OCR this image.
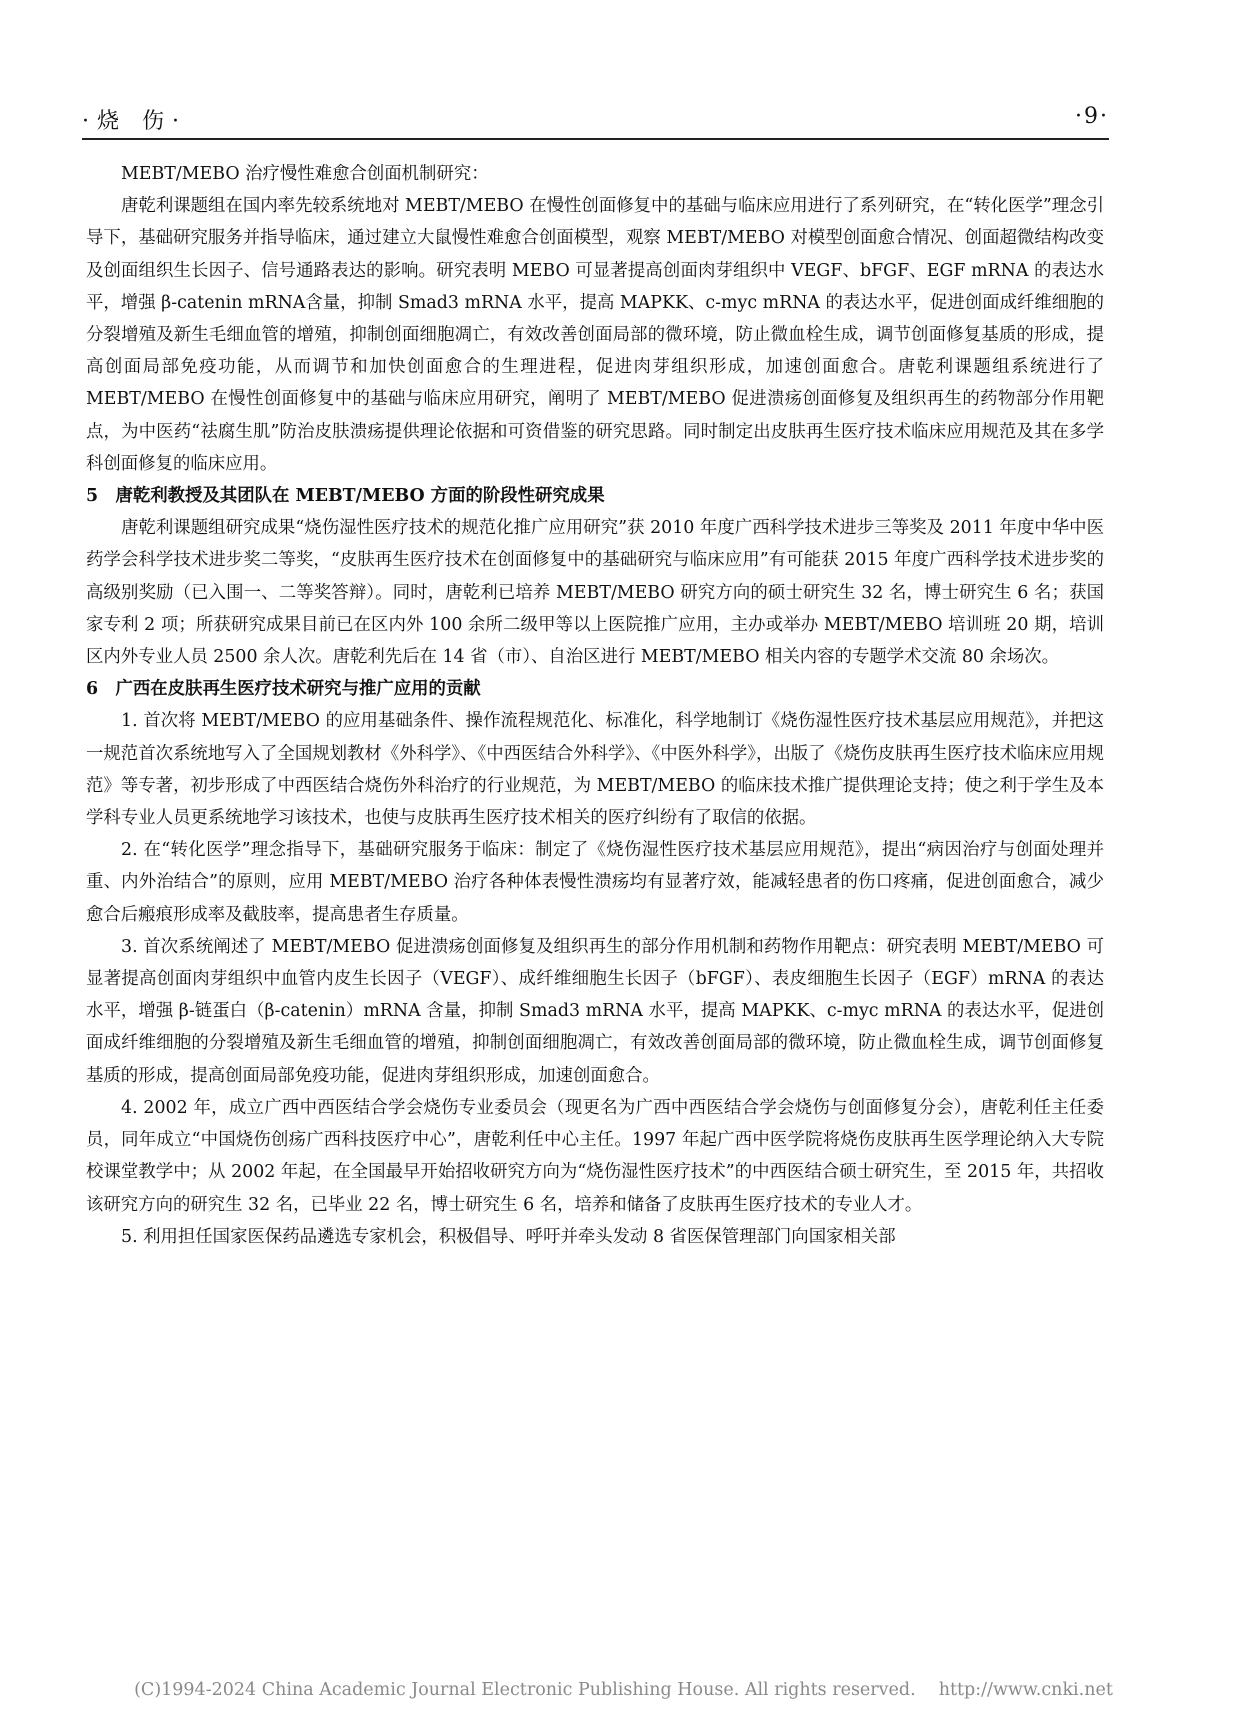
·烧 伤·	·9·

MEBT/MEBO 治疗慢性难愈合创面机制研究：

唐乾利课题组在国内率先较系统地对 MEBT/MEBO 在慢性创面修复中的基础与临床应用进行了系列研究，在“转化医学”理念引导下，基础研究服务并指导临床，通过建立大鼠慢性难愈合创面模型，观察 MEBT/MEBO 对模型创面愈合情况、创面超微结构改变及创面组织生长因子、信号通路表达的影响。研究表明 MEBO 可显著提高创面肉芽组织中 VEGF、bFGF、EGF mRNA 的表达水平，增强 β-catenin mRNA含量，抑制 Smad3 mRNA 水平，提高 MAPKK、c-myc mRNA 的表达水平，促进创面成纤维细胞的分裂增殖及新生毛细血管的增殖，抑制创面细胞凋亡，有效改善创面局部的微环境，防止微血栓生成，调节创面修复基质的形成，提高创面局部免疫功能，从而调节和加快创面愈合的生理进程，促进肉芽组织形成，加速创面愈合。唐乾利课题组系统进行了 MEBT/MEBO 在慢性创面修复中的基础与临床应用研究，阐明了 MEBT/MEBO 促进溃疡创面修复及组织再生的药物部分作用靶点，为中医药“祛腐生肌”防治皮肤溃疡提供理论依据和可资借鉴的研究思路。同时制定出皮肤再生医疗技术临床应用规范及其在多学科创面修复的临床应用。

5　唐乾利教授及其团队在 MEBT/MEBO 方面的阶段性研究成果

唐乾利课题组研究成果“烧伤湿性医疗技术的规范化推广应用研究”获 2010 年度广西科学技术进步三等奖及 2011 年度中华中医药学会科学技术进步奖二等奖，“皮肤再生医疗技术在创面修复中的基础研究与临床应用”有可能获 2015 年度广西科学技术进步奖的高级别奖励（已入围一、二等奖答辩）。同时，唐乾利已培养 MEBT/MEBO 研究方向的硕士研究生 32 名，博士研究生 6 名；获国家专利 2 项；所获研究成果目前已在区内外 100 余所二级甲等以上医院推广应用，主办或举办 MEBT/MEBO 培训班 20 期，培训区内外专业人员 2500 余人次。唐乾利先后在 14 省（市）、自治区进行 MEBT/MEBO 相关内容的专题学术交流 80 余场次。

6　广西在皮肤再生医疗技术研究与推广应用的贡献

1. 首次将 MEBT/MEBO 的应用基础条件、操作流程规范化、标准化，科学地制订《烧伤湿性医疗技术基层应用规范》，并把这一规范首次系统地写入了全国规划教材《外科学》、《中西医结合外科学》、《中医外科学》，出版了《烧伤皮肤再生医疗技术临床应用规范》等专著，初步形成了中西医结合烧伤外科治疗的行业规范，为 MEBT/MEBO 的临床技术推广提供理论支持；使之利于学生及本学科专业人员更系统地学习该技术，也使与皮肤再生医疗技术相关的医疗纠纷有了取信的依据。

2. 在“转化医学”理念指导下，基础研究服务于临床：制定了《烧伤湿性医疗技术基层应用规范》，提出“病因治疗与创面处理并重、内外治结合”的原则，应用 MEBT/MEBO 治疗各种体表慢性溃疡均有显著疗效，能减轻患者的伤口疼痛，促进创面愈合，减少愈合后瘢痕形成率及截肢率，提高患者生存质量。

3. 首次系统阐述了 MEBT/MEBO 促进溃疡创面修复及组织再生的部分作用机制和药物作用靶点：研究表明 MEBT/MEBO 可显著提高创面肉芽组织中血管内皮生长因子（VEGF）、成纤维细胞生长因子（bFGF）、表皮细胞生长因子（EGF）mRNA 的表达水平，增强 β-链蛋白（β-catenin）mRNA 含量，抑制 Smad3 mRNA 水平，提高 MAPKK、c-myc mRNA 的表达水平，促进创面成纤维细胞的分裂增殖及新生毛细血管的增殖，抑制创面细胞凋亡，有效改善创面局部的微环境，防止微血栓生成，调节创面修复基质的形成，提高创面局部免疫功能，促进肉芽组织形成，加速创面愈合。

4. 2002 年，成立广西中西医结合学会烧伤专业委员会（现更名为广西中西医结合学会烧伤与创面修复分会），唐乾利任主任委员，同年成立“中国烧伤创疡广西科技医疗中心”，唐乾利任中心主任。1997 年起广西中医学院将烧伤皮肤再生医学理论纳入大专院校课堂教学中；从 2002 年起，在全国最早开始招收研究方向为“烧伤湿性医疗技术”的中西医结合硕士研究生，至 2015 年，共招收该研究方向的研究生 32 名，已毕业 22 名，博士研究生 6 名，培养和储备了皮肤再生医疗技术的专业人才。

5. 利用担任国家医保药品遴选专家机会，积极倡导、呼吁并牵头发动 8 省医保管理部门向国家相关部

(C)1994-2024 China Academic Journal Electronic Publishing House. All rights reserved.　 http://www.cnki.net
